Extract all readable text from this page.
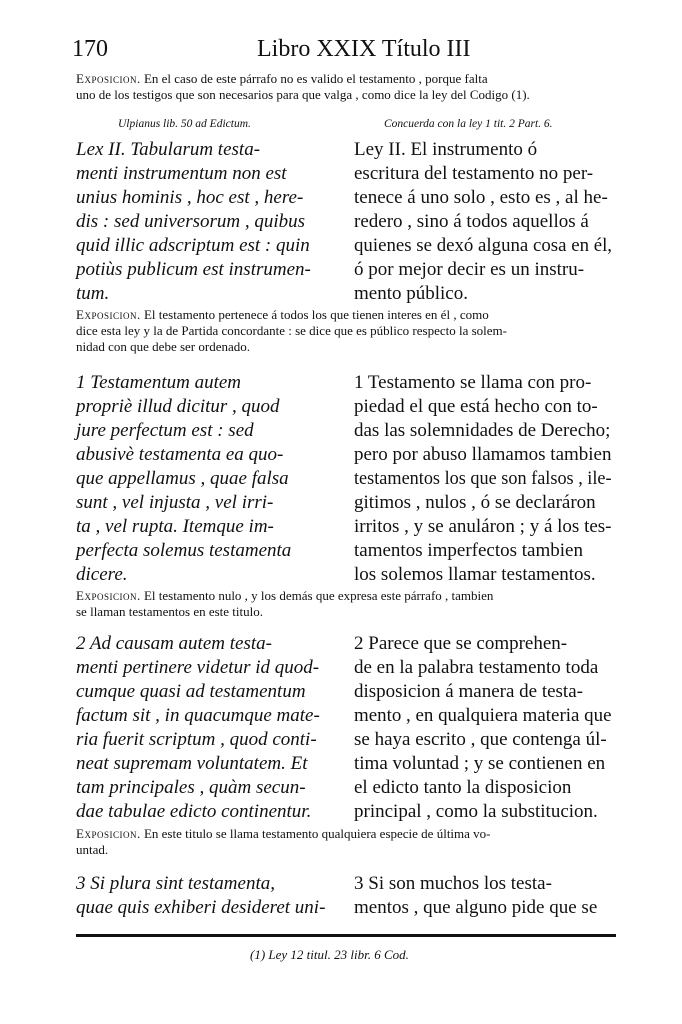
170	Libro XXIX Título III
Exposicion. En el caso de este párrafo no es valido el testamento , porque falta
uno de los testigos que son necesarios para que valga , como dice la ley del Codigo (1).
Ulpianus lib. 50 ad Edictum.	Concuerda con la ley 1 tit. 2 Part. 6.
Lex II. Tabularum testa-
menti instrumentum non est
unius hominis , hoc est , here-
dis : sed universorum , quibus
quid illic adscriptum est : quin
potiùs publicum est instrumen-
tum.
Ley II. El instrumento ó
escritura del testamento no per-
tenece á uno solo , esto es , al he-
redero , sino á todos aquellos á
quienes se dexó alguna cosa en él,
ó por mejor decir es un instru-
mento público.
Exposicion. El testamento pertenece á todos los que tienen interes en él , como
dice esta ley y la de Partida concordante : se dice que es público respecto la solem-
nidad con que debe ser ordenado.
1 Testamentum autem
propriè illud dicitur , quod
jure perfectum est : sed
abusivè testamenta ea quo-
que appellamus , quae falsa
sunt , vel injusta , vel irri-
ta , vel rupta. Itemque im-
perfecta solemus testamenta
dicere.
1 Testamento se llama con pro-
piedad el que está hecho con to-
das las solemnidades de Derecho;
pero por abuso llamamos tambien
testamentos los que son falsos , ile-
gitimos , nulos , ó se declaráron
irritos , y se anuláron ; y á los tes-
tamentos imperfectos tambien
los solemos llamar testamentos.
Exposicion. El testamento nulo , y los demás que expresa este párrafo , tambien
se llaman testamentos en este titulo.
2 Ad causam autem testa-
menti pertinere videtur id quod-
cumque quasi ad testamentum
factum sit , in quacumque mate-
ria fuerit scriptum , quod conti-
neat supremam voluntatem. Et
tam principales , quàm secun-
dae tabulae edicto continentur.
2 Parece que se comprehen-
de en la palabra testamento toda
disposicion á manera de testa-
mento , en qualquiera materia que
se haya escrito , que contenga úl-
tima voluntad ; y se contienen en
el edicto tanto la disposicion
principal , como la substitucion.
Exposicion. En este titulo se llama testamento qualquiera especie de última vo-
untad.
3 Si plura sint testamenta,
quae quis exhiberi desideret uni-
3 Si son muchos los testa-
mentos , que alguno pide que se
(1) Ley 12 titul. 23 libr. 6 Cod.
